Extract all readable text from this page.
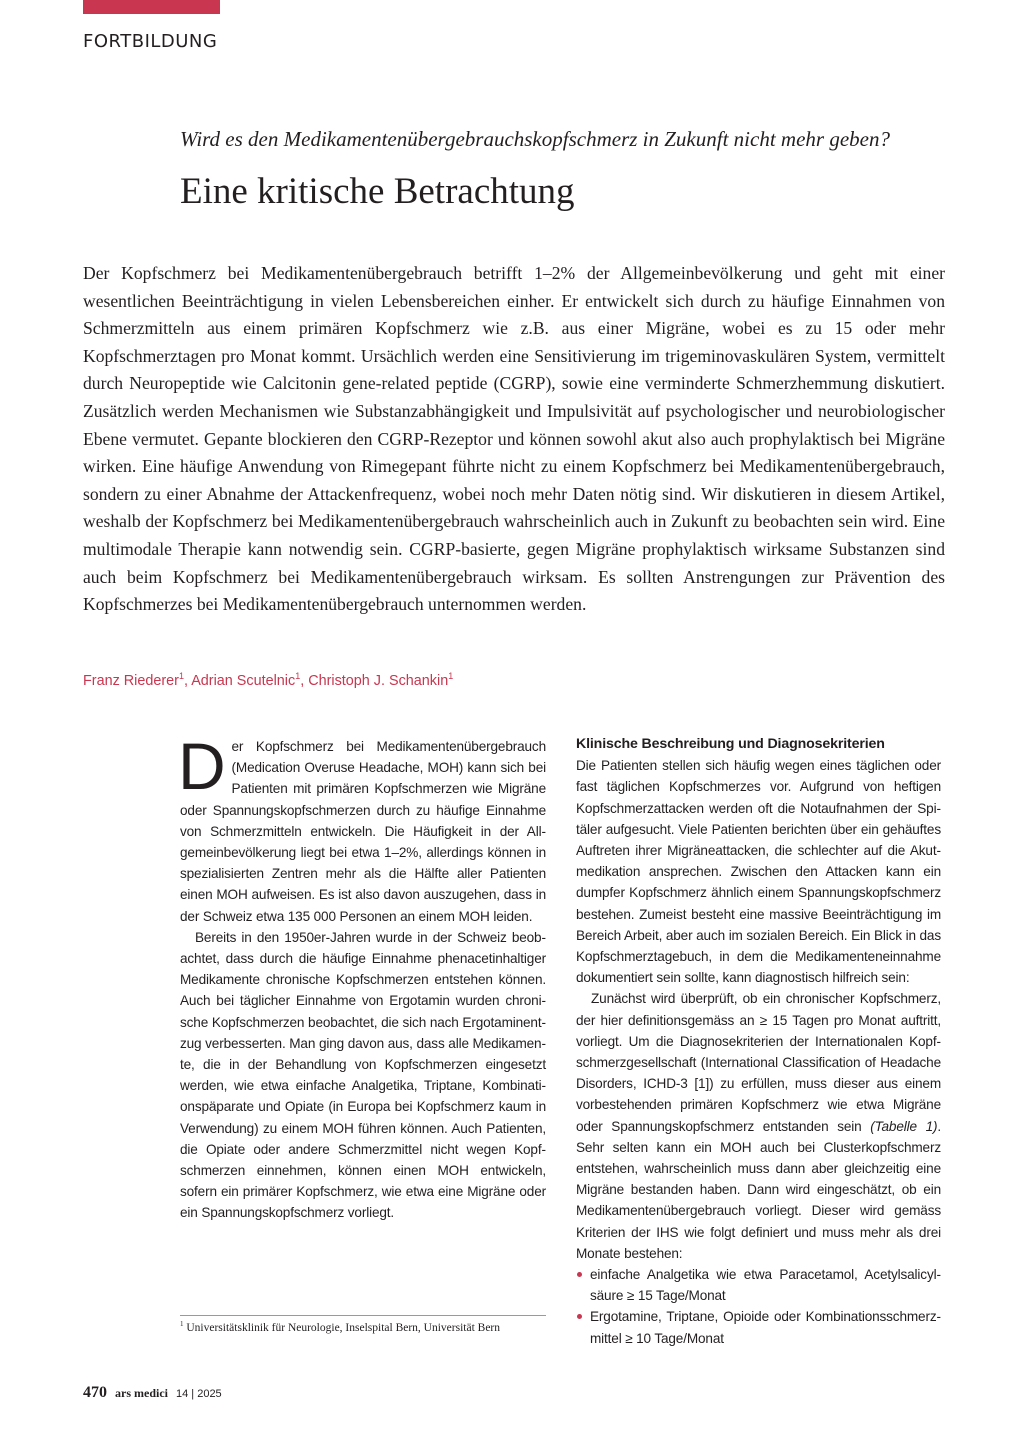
FORTBILDUNG
Wird es den Medikamentenübergebrauchskopfschmerz in Zukunft nicht mehr geben?
Eine kritische Betrachtung

Der Kopfschmerz bei Medikamentenübergebrauch betrifft 1–2% der Allgemeinbevölkerung und geht mit einer wesentlichen Beeinträchtigung in vielen Lebensbereichen einher. Er entwickelt sich durch zu häufige Einnahmen von Schmerzmitteln aus einem primären Kopfschmerz wie z.B. aus einer Migräne, wobei es zu 15 oder mehr Kopfschmerztagen pro Monat kommt. Ursächlich werden eine Sensitivierung im trigeminovaskulären System, vermittelt durch Neuropeptide wie Calcitonin gene-related peptide (CGRP), sowie eine verminderte Schmerzhemmung diskutiert. Zusätzlich werden Mechanismen wie Substanzabhängigkeit und Impulsivität auf psychologischer und neurobiologischer Ebene vermutet. Gepante blockieren den CGRP-Rezeptor und können sowohl akut also auch prophylaktisch bei Migräne wirken. Eine häufige Anwendung von Rimegepant führte nicht zu einem Kopfschmerz bei Medikamentenübergebrauch, sondern zu einer Abnahme der Attackenfrequenz, wobei noch mehr Daten nötig sind. Wir diskutieren in diesem Artikel, weshalb der Kopfschmerz bei Medikamentenübergebrauch wahrscheinlich auch in Zukunft zu beobachten sein wird. Eine multimodale Therapie kann notwendig sein. CGRP-basierte, gegen Migräne prophylaktisch wirksame Substanzen sind auch beim Kopfschmerz bei Medikamentenübergebrauch wirksam. Es sollten Anstrengungen zur Prävention des Kopfschmerzes bei Medikamentenübergebrauch unternommen werden.

Franz Riederer$^1$, Adrian Scutelnic$^1$, Christoph J. Schankin$^1$

Der Kopfschmerz bei Medikamentenübergebrauch (Medication Overuse Headache, MOH) kann sich bei Patienten mit primären Kopfschmerzen wie Migräne oder Spannungskopfschmerzen durch zu häufige Einnahme von Schmerzmitteln entwickeln. Die Häufigkeit in der Allgemeinbevölkerung liegt bei etwa 1–2%, allerdings können in spezialisierten Zentren mehr als die Hälfte aller Patienten einen MOH aufweisen. Es ist also davon auszugehen, dass in der Schweiz etwa 135 000 Personen an einem MOH leiden.

Bereits in den 1950er-Jahren wurde in der Schweiz beobachtet, dass durch die häufige Einnahme phenacetinhaltiger Medikamente chronische Kopfschmerzen entstehen können. Auch bei täglicher Einnahme von Ergotamin wurden chronische Kopfschmerzen beobachtet, die sich nach Ergotaminentzug verbesserten. Man ging davon aus, dass alle Medikamente, die in der Behandlung von Kopfschmerzen eingesetzt werden, wie etwa einfache Analgetika, Triptane, Kombinationspäparate und Opiate (in Europa bei Kopfschmerz kaum in Verwendung) zu einem MOH führen können. Auch Patienten, die Opiate oder andere Schmerzmittel nicht wegen Kopfschmerzen einnehmen, können einen MOH entwickeln, sofern ein primärer Kopfschmerz, wie etwa eine Migräne oder ein Spannungskopfschmerz vorliegt.

Klinische Beschreibung und Diagnosekriterien

Die Patienten stellen sich häufig wegen eines täglichen oder fast täglichen Kopfschmerzes vor. Aufgrund von heftigen Kopfschmerzattacken werden oft die Notaufnahmen der Spitäler aufgesucht. Viele Patienten berichten über ein gehäuftes Auftreten ihrer Migräneattacken, die schlechter auf die Akutmedikation ansprechen. Zwischen den Attacken kann ein dumpfer Kopfschmerz ähnlich einem Spannungskopfschmerz bestehen. Zumeist besteht eine massive Beeinträchtigung im Bereich Arbeit, aber auch im sozialen Bereich. Ein Blick in das Kopfschmerztagebuch, in dem die Medikamenteneinnahme dokumentiert sein sollte, kann diagnostisch hilfreich sein:

Zunächst wird überprüft, ob ein chronischer Kopfschmerz, der hier definitionsgemäss an ≥ 15 Tagen pro Monat auftritt, vorliegt. Um die Diagnosekriterien der Internationalen Kopfschmerzgesellschaft (International Classification of Headache Disorders, ICHD-3 [1]) zu erfüllen, muss dieser aus einem vorbestehenden primären Kopfschmerz wie etwa Migräne oder Spannungskopfschmerz entstanden sein (Tabelle 1). Sehr selten kann ein MOH auch bei Clusterkopfschmerz entstehen, wahrscheinlich muss dann aber gleichzeitig eine Migräne bestanden haben. Dann wird eingeschätzt, ob ein Medikamentenübergebrauch vorliegt. Dieser wird gemäss Kriterien der IHS wie folgt definiert und muss mehr als drei Monate bestehen:

einfache Analgetika wie etwa Paracetamol, Acetylsalicylsäure ≥ 15 Tage/Monat
Ergotamine, Triptane, Opioide oder Kombinationsschmerzmittel ≥ 10 Tage/Monat
$^1$ Universitätsklinik für Neurologie, Inselspital Bern, Universität Bern
470 ars medici 14 | 2025
